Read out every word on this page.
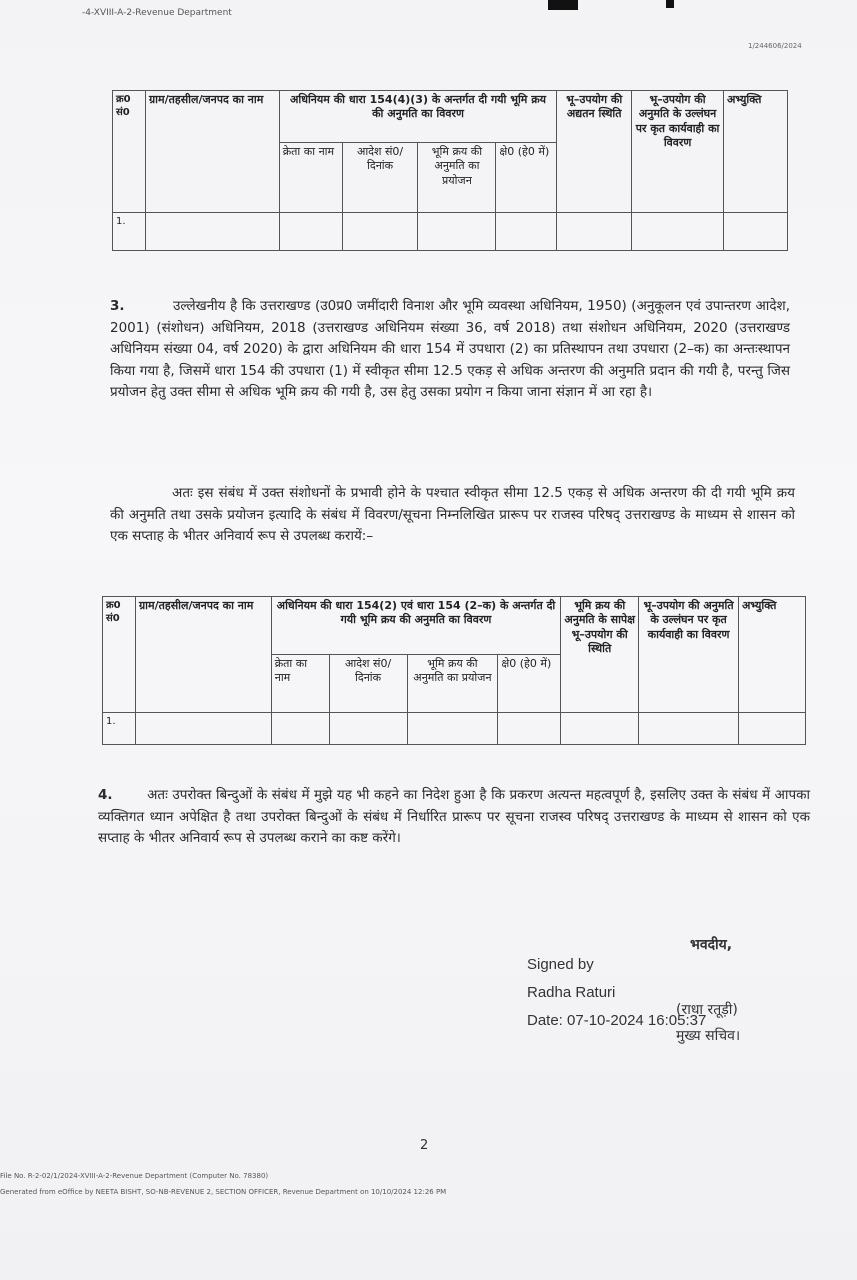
-4-XVIII-A-2-Revenue Department
1/244606/2024
क्र0 सं0	ग्राम/तहसील/जनपद का नाम	अधिनियम की धारा 154(4)(3) के अन्तर्गत दी गयी भूमि क्रय की अनुमति का विवरण				भू–उपयोग की अद्यतन स्थिति	भू–उपयोग की अनुमति के उल्लंघन पर कृत कार्यवाही का विवरण	अभ्युक्ति
		क्रेता का नाम	आदेश सं0/दिनांक	भूमि क्रय की अनुमति का प्रयोजन	क्षे0 (हे0 में)			
1.								
3.	उल्लेखनीय है कि उत्तराखण्ड (उ0प्र0 जमींदारी विनाश और भूमि व्यवस्था अधिनियम, 1950) (अनुकूलन एवं उपान्तरण आदेश, 2001) (संशोधन) अधिनियम, 2018 (उत्तराखण्ड अधिनियम संख्या 36, वर्ष 2018) तथा संशोधन अधिनियम, 2020 (उत्तराखण्ड अधिनियम संख्या 04, वर्ष 2020) के द्वारा अधिनियम की धारा 154 में उपधारा (2) का प्रतिस्थापन तथा उपधारा (2–क) का अन्तःस्थापन किया गया है, जिसमें धारा 154 की उपधारा (1) में स्वीकृत सीमा 12.5 एकड़ से अधिक अन्तरण की अनुमति प्रदान की गयी है, परन्तु जिस प्रयोजन हेतु उक्त सीमा से अधिक भूमि क्रय की गयी है, उस हेतु उसका प्रयोग न किया जाना संज्ञान में आ रहा है।
अतः इस संबंध में उक्त संशोधनों के प्रभावी होने के पश्चात स्वीकृत सीमा 12.5 एकड़ से अधिक अन्तरण की दी गयी भूमि क्रय की अनुमति तथा उसके प्रयोजन इत्यादि के संबंध में विवरण/सूचना निम्नलिखित प्रारूप पर राजस्व परिषद् उत्तराखण्ड के माध्यम से शासन को एक सप्ताह के भीतर अनिवार्य रूप से उपलब्ध करायें:–
क्र0 सं0	ग्राम/तहसील/जनपद का नाम	अधिनियम की धारा 154(2) एवं धारा 154 (2–क) के अन्तर्गत दी गयी भूमि क्रय की अनुमति का विवरण				भूमि क्रय की अनुमति के सापेक्ष भू–उपयोग की स्थिति	भू–उपयोग की अनुमति के उल्लंघन पर कृत कार्यवाही का विवरण	अभ्युक्ति
		क्रेता का नाम	आदेश सं0/दिनांक	भूमि क्रय की अनुमति का प्रयोजन	क्षे0 (हे0 में)			
1.								
4.	अतः उपरोक्त बिन्दुओं के संबंध में मुझे यह भी कहने का निदेश हुआ है कि प्रकरण अत्यन्त महत्वपूर्ण है, इसलिए उक्त के संबंध में आपका व्यक्तिगत ध्यान अपेक्षित है तथा उपरोक्त बिन्दुओं के संबंध में निर्धारित प्रारूप पर सूचना राजस्व परिषद् उत्तराखण्ड के माध्यम से शासन को एक सप्ताह के भीतर अनिवार्य रूप से उपलब्ध कराने का कष्ट करेंगे।
भवदीय,
Signed by
Radha Raturi
Date: 07-10-2024 16:05:37
(राधा रतूड़ी)
मुख्य सचिव।
2
File No. R-2-02/1/2024-XVIII-A-2-Revenue Department (Computer No. 78380)
Generated from eOffice by NEETA BISHT, SO-NB-REVENUE 2, SECTION OFFICER, Revenue Department on 10/10/2024 12:26 PM
